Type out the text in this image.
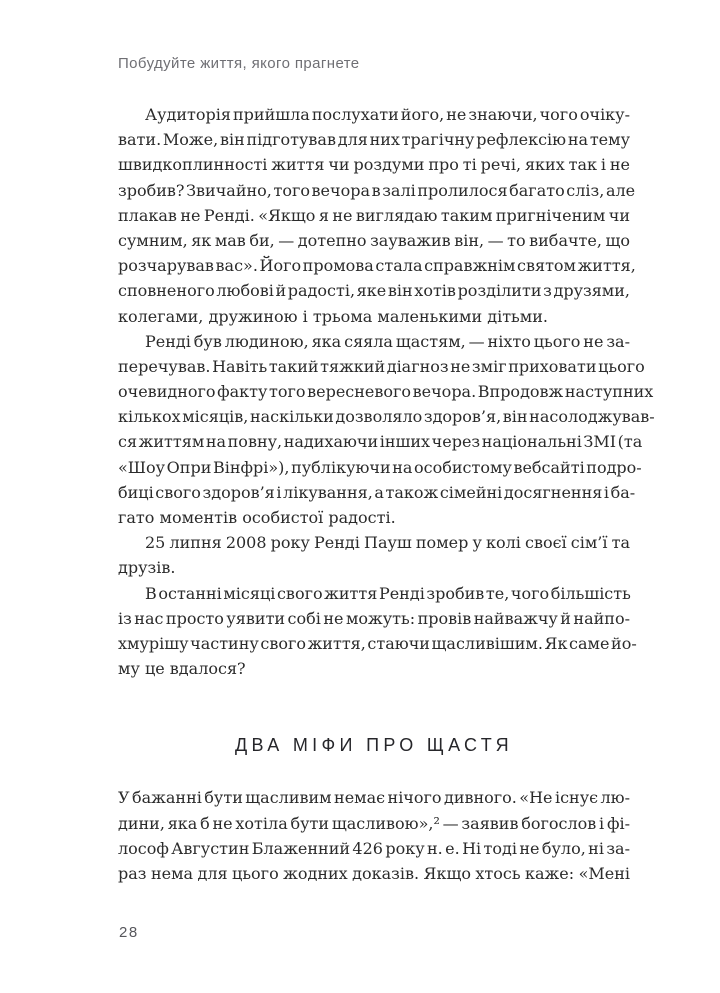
Побудуйте життя, якого прагнете
Аудиторія прийшла послухати його, не знаючи, чого очіку-
вати. Може, він підготував для них трагічну рефлексію на тему
швидкоплинності життя чи роздуми про ті речі, яких так і не
зробив? Звичайно, того вечора в залі пролилося багато сліз, але
плакав не Ренді. «Якщо я не виглядаю таким пригніченим чи
сумним, як мав би, — дотепно зауважив він, — то вибачте, що
розчарував вас». Його промова стала справжнім святом життя,
сповненого любові й радості, яке він хотів розділити з друзями,
колегами, дружиною і трьома маленькими дітьми.
Ренді був людиною, яка сяяла щастям, — ніхто цього не за-
перечував. Навіть такий тяжкий діагноз не зміг приховати цього
очевидного факту того вересневого вечора. Впродовж наступних
кількох місяців, наскільки дозволяло здоров’я, він насолоджував-
ся життям на повну, надихаючи інших через національні ЗМІ (та
«Шоу Опри Вінфрі»), публікуючи на особистому вебсайті подро-
биці свого здоров’я і лікування, а також сімейні досягнення і ба-
гато моментів особистої радості.
25 липня 2008 року Ренді Пауш помер у колі своєї сім’ї та
друзів.
В останні місяці свого життя Ренді зробив те, чого більшість
із нас просто уявити собі не можуть: провів найважчу й найпо-
хмурішу частину свого життя, стаючи щасливішим. Як саме йо-
му це вдалося?
ДВА МІФИ ПРО ЩАСТЯ
У бажанні бути щасливим немає нічого дивного. «Не існує лю-
дини, яка б не хотіла бути щасливою»,² — заявив богослов і фі-
лософ Августин Блаженний 426 року н. е. Ні тоді не було, ні за-
раз нема для цього жодних доказів. Якщо хтось каже: «Мені
28
